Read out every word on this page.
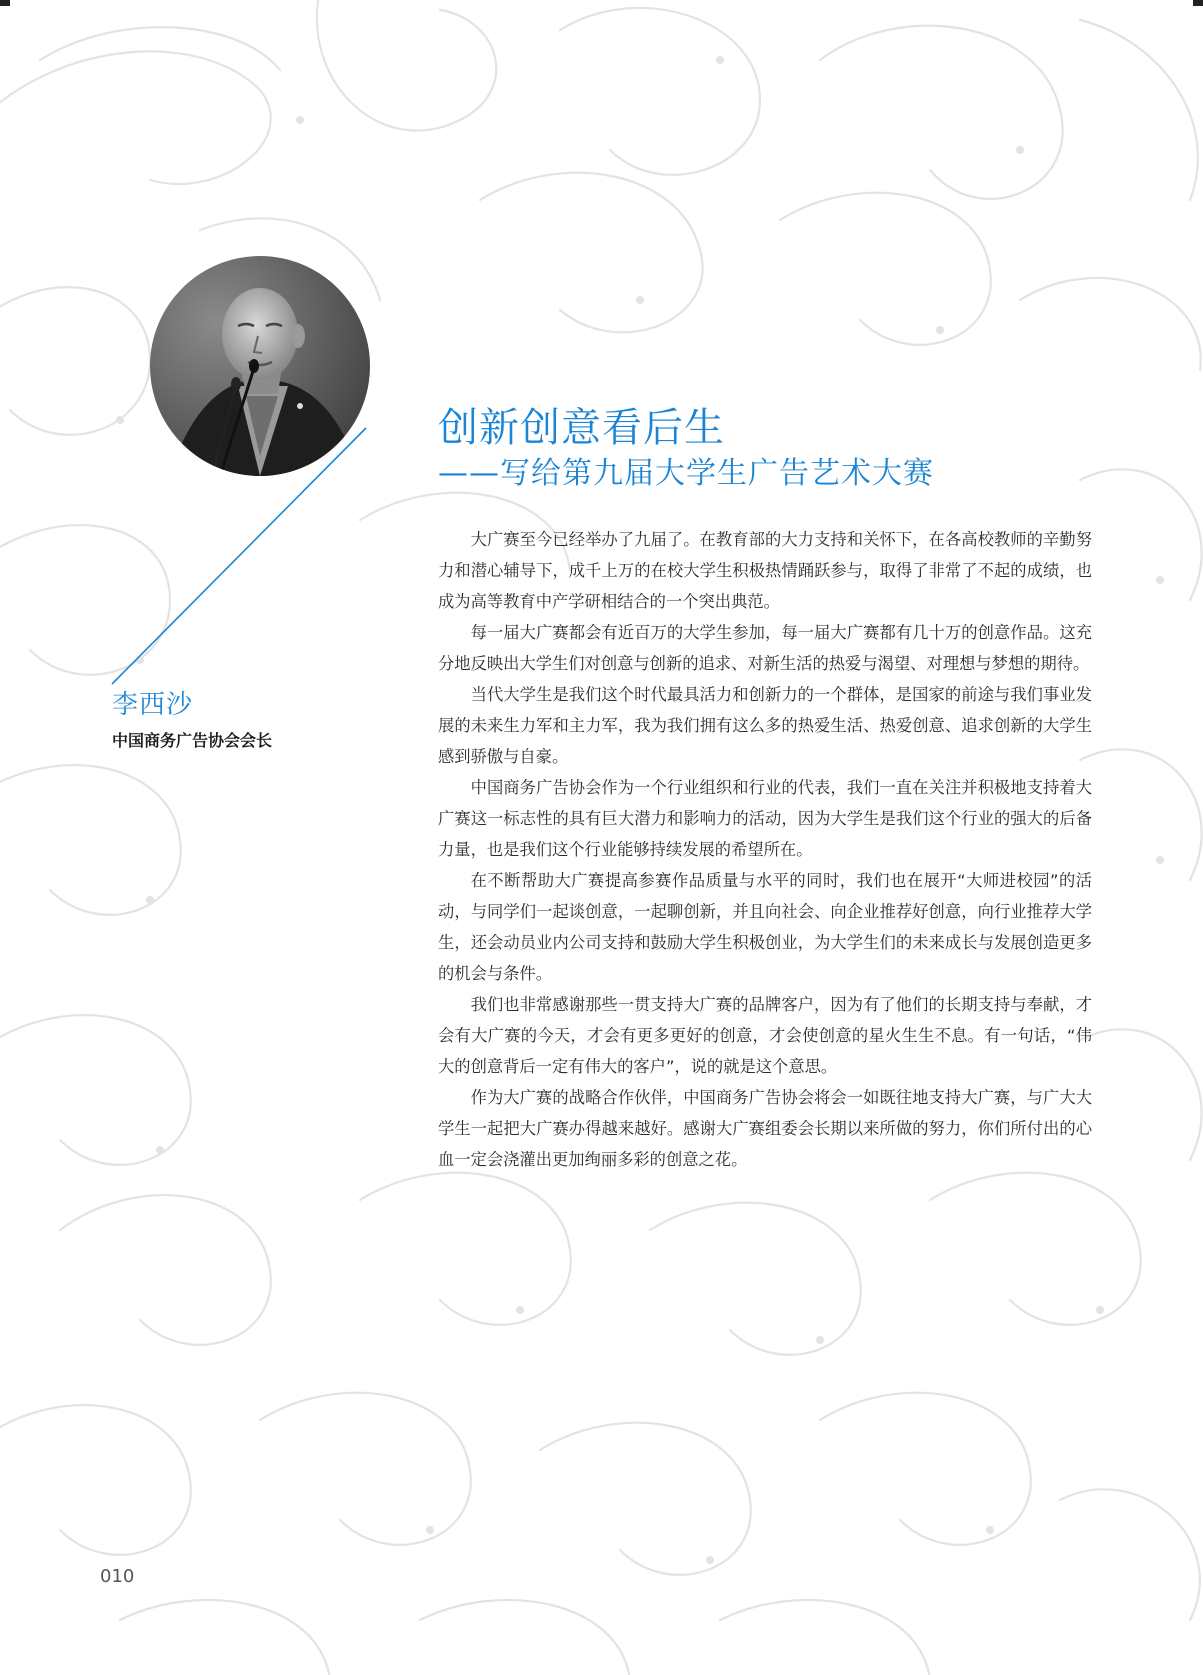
李西沙
中国商务广告协会会长
创新创意看后生
——写给第九届大学生广告艺术大赛

大广赛至今已经举办了九届了。在教育部的大力支持和关怀下，在各高校教师的辛勤努力和潜心辅导下，成千上万的在校大学生积极热情踊跃参与，取得了非常了不起的成绩，也成为高等教育中产学研相结合的一个突出典范。

每一届大广赛都会有近百万的大学生参加，每一届大广赛都有几十万的创意作品。这充分地反映出大学生们对创意与创新的追求、对新生活的热爱与渴望、对理想与梦想的期待。

当代大学生是我们这个时代最具活力和创新力的一个群体，是国家的前途与我们事业发展的未来生力军和主力军，我为我们拥有这么多的热爱生活、热爱创意、追求创新的大学生感到骄傲与自豪。

中国商务广告协会作为一个行业组织和行业的代表，我们一直在关注并积极地支持着大广赛这一标志性的具有巨大潜力和影响力的活动，因为大学生是我们这个行业的强大的后备力量，也是我们这个行业能够持续发展的希望所在。

在不断帮助大广赛提高参赛作品质量与水平的同时，我们也在展开“大师进校园”的活动，与同学们一起谈创意，一起聊创新，并且向社会、向企业推荐好创意，向行业推荐大学生，还会动员业内公司支持和鼓励大学生积极创业，为大学生们的未来成长与发展创造更多的机会与条件。

我们也非常感谢那些一贯支持大广赛的品牌客户，因为有了他们的长期支持与奉献，才会有大广赛的今天，才会有更多更好的创意，才会使创意的星火生生不息。有一句话，“伟大的创意背后一定有伟大的客户”，说的就是这个意思。

作为大广赛的战略合作伙伴，中国商务广告协会将会一如既往地支持大广赛，与广大大学生一起把大广赛办得越来越好。感谢大广赛组委会长期以来所做的努力，你们所付出的心血一定会浇灌出更加绚丽多彩的创意之花。

010
